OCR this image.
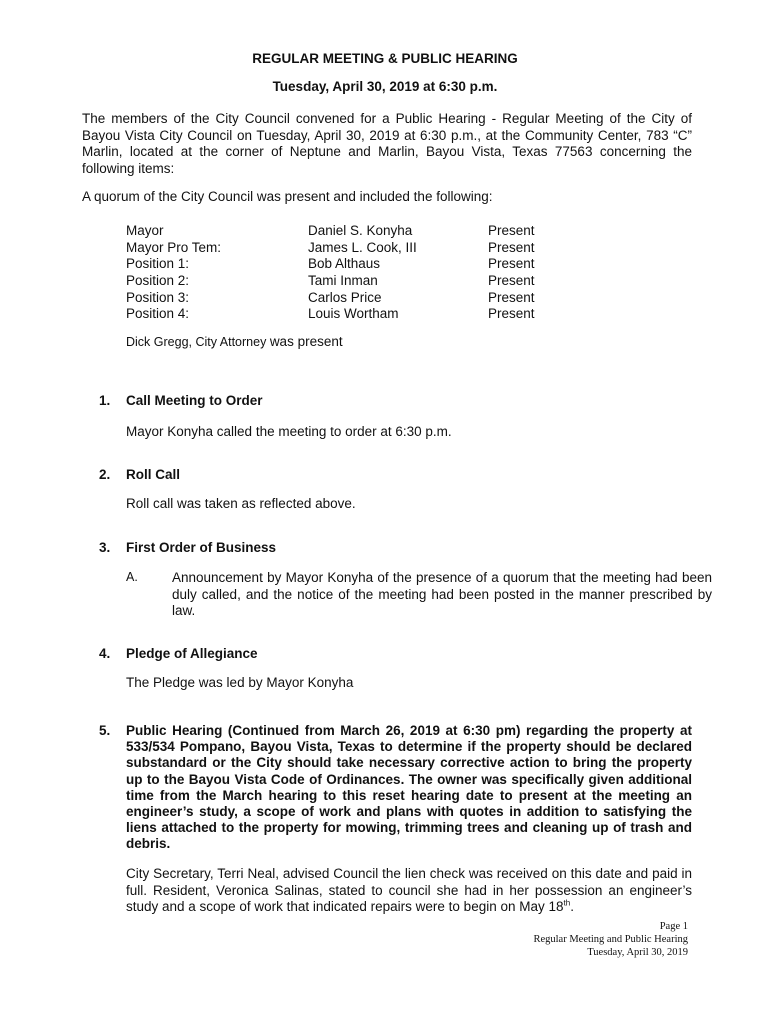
REGULAR MEETING & PUBLIC HEARING
Tuesday, April 30, 2019 at 6:30 p.m.
The members of the City Council convened for a Public Hearing - Regular Meeting of the City of Bayou Vista City Council on Tuesday, April 30, 2019 at 6:30 p.m., at the Community Center, 783 “C” Marlin, located at the corner of Neptune and Marlin, Bayou Vista, Texas 77563 concerning the following items:
A quorum of the City Council was present and included the following:
Mayor	Daniel S. Konyha	Present
Mayor Pro Tem:	James L. Cook, III	Present
Position 1:	Bob Althaus	Present
Position 2:	Tami Inman	Present
Position 3:	Carlos Price	Present
Position 4:	Louis Wortham	Present
Dick Gregg, City Attorney was present
1. Call Meeting to Order
Mayor Konyha called the meeting to order at 6:30 p.m.
2. Roll Call
Roll call was taken as reflected above.
3. First Order of Business
A.	Announcement by Mayor Konyha of the presence of a quorum that the meeting had been duly called, and the notice of the meeting had been posted in the manner prescribed by law.
4. Pledge of Allegiance
The Pledge was led by Mayor Konyha
5. Public Hearing (Continued from March 26, 2019 at 6:30 pm) regarding the property at 533/534 Pompano, Bayou Vista, Texas to determine if the property should be declared substandard or the City should take necessary corrective action to bring the property up to the Bayou Vista Code of Ordinances. The owner was specifically given additional time from the March hearing to this reset hearing date to present at the meeting an engineer’s study, a scope of work and plans with quotes in addition to satisfying the liens attached to the property for mowing, trimming trees and cleaning up of trash and debris.
City Secretary, Terri Neal, advised Council the lien check was received on this date and paid in full. Resident, Veronica Salinas, stated to council she had in her possession an engineer’s study and a scope of work that indicated repairs were to begin on May 18th.
Page 1
Regular Meeting and Public Hearing
Tuesday, April 30, 2019
